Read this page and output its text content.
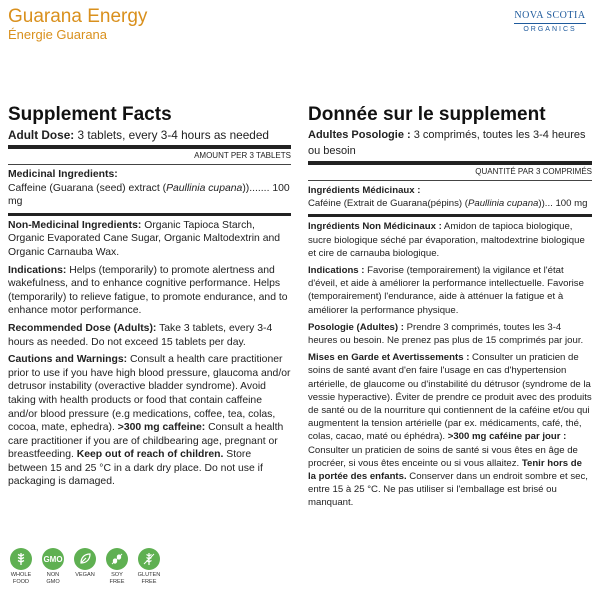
Guarana Energy
Énergie Guarana
NOVA SCOTIA
ORGANICS
Supplement Facts
Adult Dose: 3 tablets, every 3-4 hours as needed
AMOUNT PER 3 TABLETS
Medicinal Ingredients:
Caffeine (Guarana (seed) extract (Paullinia cupana))....... 100 mg
Non-Medicinal Ingredients: Organic Tapioca Starch, Organic Evaporated Cane Sugar, Organic Maltodextrin and Organic Carnauba Wax.
Indications: Helps (temporarily) to promote alertness and wakefulness, and to enhance cognitive performance. Helps (temporarily) to relieve fatigue, to promote endurance, and to enhance motor performance.
Recommended Dose (Adults): Take 3 tablets, every 3-4 hours as needed. Do not exceed 15 tablets per day.
Cautions and Warnings: Consult a health care practitioner prior to use if you have high blood pressure, glaucoma and/or detrusor instability (overactive bladder syndrome). Avoid taking with health products or food that contain caffeine and/or blood pressure (e.g medications, coffee, tea, colas, cocoa, mate, ephedra). >300 mg caffeine: Consult a health care practitioner if you are of childbearing age, pregnant or breastfeeding. Keep out of reach of children. Store between 15 and 25 °C in a dark dry place. Do not use if packaging is damaged.
Donnée sur le supplement
Adultes Posologie : 3 comprimés, toutes les 3-4 heures ou besoin
QUANTITÉ PAR 3 COMPRIMÉS
Ingrédients Médicinaux :
Caféine (Extrait de Guarana(pépins) (Paullinia cupana))... 100 mg
Ingrédients Non Médicinaux : Amidon de tapioca biologique, sucre biologique séché par évaporation, maltodextrine biologique et cire de carnauba biologique.
Indications : Favorise (temporairement) la vigilance et l'état d'éveil, et aide à améliorer la performance intellectuelle. Favorise (temporairement) l'endurance, aide à atténuer la fatigue et à améliorer la performance physique.
Posologie (Adultes) : Prendre 3 comprimés, toutes les 3-4 heures ou besoin. Ne prenez pas plus de 15 comprimés par jour.
Mises en Garde et Avertissements : Consulter un praticien de soins de santé avant d'en faire l'usage en cas d'hypertension artérielle, de glaucome ou d'instabilité du détrusor (syndrome de la vessie hyperactive). Éviter de prendre ce produit avec des produits de santé ou de la nourriture qui contiennent de la caféine et/ou qui augmentent la tension artérielle (par ex. médicaments, café, thé, colas, cacao, maté ou éphédra). >300 mg caféine par jour : Consulter un praticien de soins de santé si vous êtes en âge de procréer, si vous êtes enceinte ou si vous allaitez. Tenir hors de la portée des enfants. Conserver dans un endroit sombre et sec, entre 15 à 25 °C. Ne pas utiliser si l'emballage est brisé ou manquant.
WHOLE
FOOD
GMO
NON
GMO
VEGAN	SOY
FREE
GLUTEN
FREE
